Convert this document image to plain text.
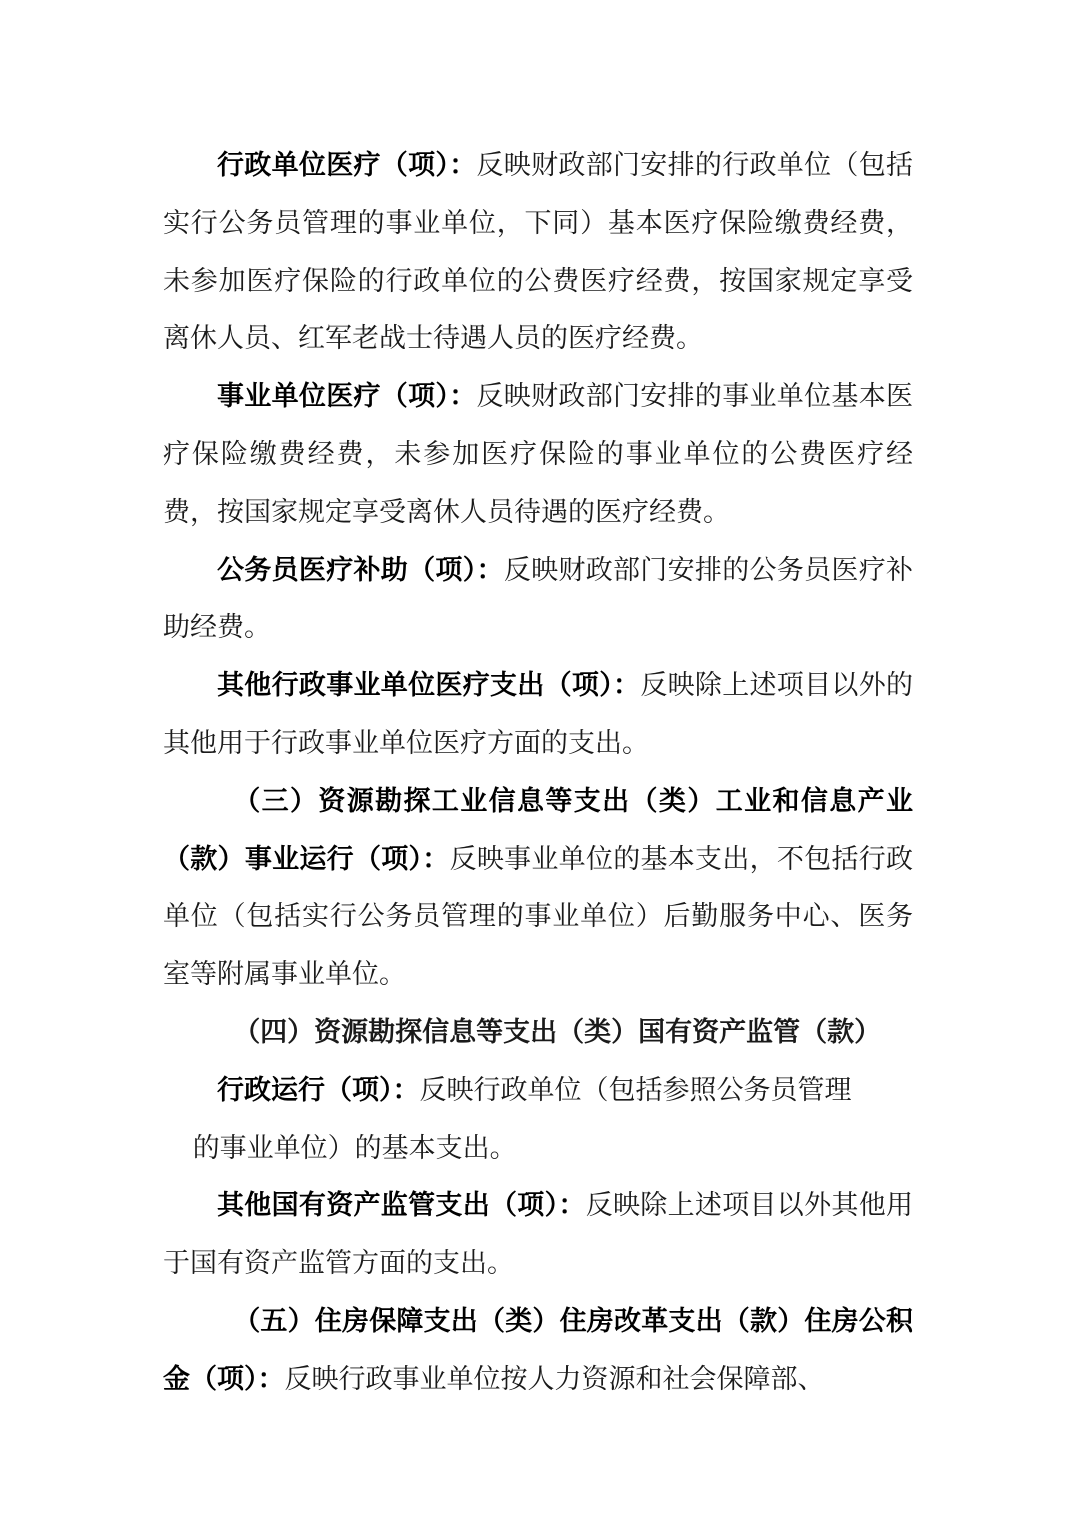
行政单位医疗（项）：反映财政部门安排的行政单位（包括实行公务员管理的事业单位，下同）基本医疗保险缴费经费，未参加医疗保险的行政单位的公费医疗经费，按国家规定享受离休人员、红军老战士待遇人员的医疗经费。

事业单位医疗（项）：反映财政部门安排的事业单位基本医疗保险缴费经费，未参加医疗保险的事业单位的公费医疗经费，按国家规定享受离休人员待遇的医疗经费。

公务员医疗补助（项）：反映财政部门安排的公务员医疗补助经费。

其他行政事业单位医疗支出（项）：反映除上述项目以外的其他用于行政事业单位医疗方面的支出。

（三）资源勘探工业信息等支出（类）工业和信息产业（款）事业运行（项）：反映事业单位的基本支出，不包括行政单位（包括实行公务员管理的事业单位）后勤服务中心、医务室等附属事业单位。

（四）资源勘探信息等支出（类）国有资产监管（款）

行政运行（项）：反映行政单位（包括参照公务员管理
的事业单位）的基本支出。

其他国有资产监管支出（项）：反映除上述项目以外其他用于国有资产监管方面的支出。

（五）住房保障支出（类）住房改革支出（款）住房公积金（项）：反映行政事业单位按人力资源和社会保障部、
